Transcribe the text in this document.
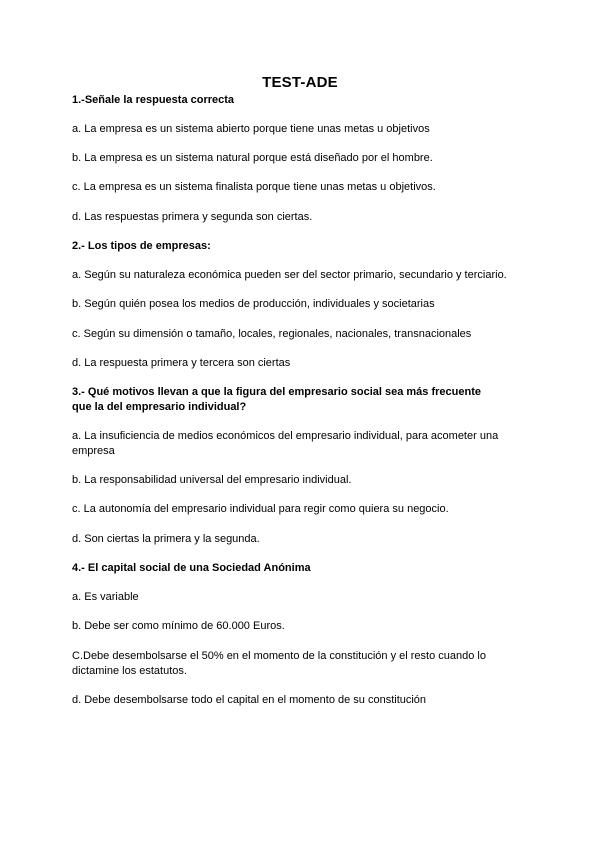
TEST-ADE
1.-Señale la respuesta correcta
a. La empresa es un sistema abierto porque tiene unas metas u objetivos
b. La empresa es un sistema natural porque está diseñado por el hombre.
c. La empresa es un sistema finalista porque tiene unas metas u objetivos.
d. Las respuestas primera y segunda son ciertas.
2.- Los tipos de empresas:
a. Según su naturaleza económica pueden ser del sector primario, secundario y terciario.
b. Según quién posea los medios de producción, individuales y societarias
c. Según su dimensión o tamaño, locales, regionales, nacionales, transnacionales
d. La respuesta primera y tercera son ciertas
3.- Qué motivos llevan a que la figura del empresario social sea más frecuente que la del empresario individual?
a. La insuficiencia de medios económicos del empresario individual, para acometer una empresa
b. La responsabilidad universal del empresario individual.
c. La autonomía del empresario individual para regir como quiera su negocio.
d. Son ciertas la primera y la segunda.
4.- El capital social de una Sociedad Anónima
a. Es variable
b. Debe ser como mínimo de 60.000 Euros.
C.Debe desembolsarse el 50% en el momento de la constitución y el resto cuando lo dictamine los estatutos.
d. Debe desembolsarse todo el capital en el momento de su constitución
